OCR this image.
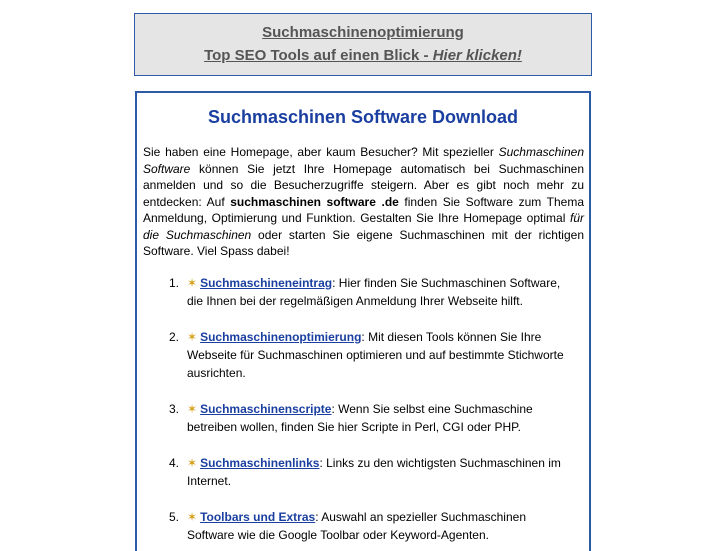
Suchmaschinenoptimierung
Top SEO Tools auf einen Blick - Hier klicken!
Suchmaschinen Software Download
Sie haben eine Homepage, aber kaum Besucher? Mit spezieller Suchmaschinen Software können Sie jetzt Ihre Homepage automatisch bei Suchmaschinen anmelden und so die Besucherzugriffe steigern. Aber es gibt noch mehr zu entdecken: Auf suchmaschinen software .de finden Sie Software zum Thema Anmeldung, Optimierung und Funktion. Gestalten Sie Ihre Homepage optimal für die Suchmaschinen oder starten Sie eigene Suchmaschinen mit der richtigen Software. Viel Spass dabei!
1. ✶ Suchmaschineneintrag: Hier finden Sie Suchmaschinen Software, die Ihnen bei der regelmäßigen Anmeldung Ihrer Webseite hilft.
2. ✶ Suchmaschinenoptimierung: Mit diesen Tools können Sie Ihre Webseite für Suchmaschinen optimieren und auf bestimmte Stichworte ausrichten.
3. ✶ Suchmaschinenscripte: Wenn Sie selbst eine Suchmaschine betreiben wollen, finden Sie hier Scripte in Perl, CGI oder PHP.
4. ✶ Suchmaschinenlinks: Links zu den wichtigsten Suchmaschinen im Internet.
5. ✶ Toolbars und Extras: Auswahl an spezieller Suchmaschinen Software wie die Google Toolbar oder Keyword-Agenten.
